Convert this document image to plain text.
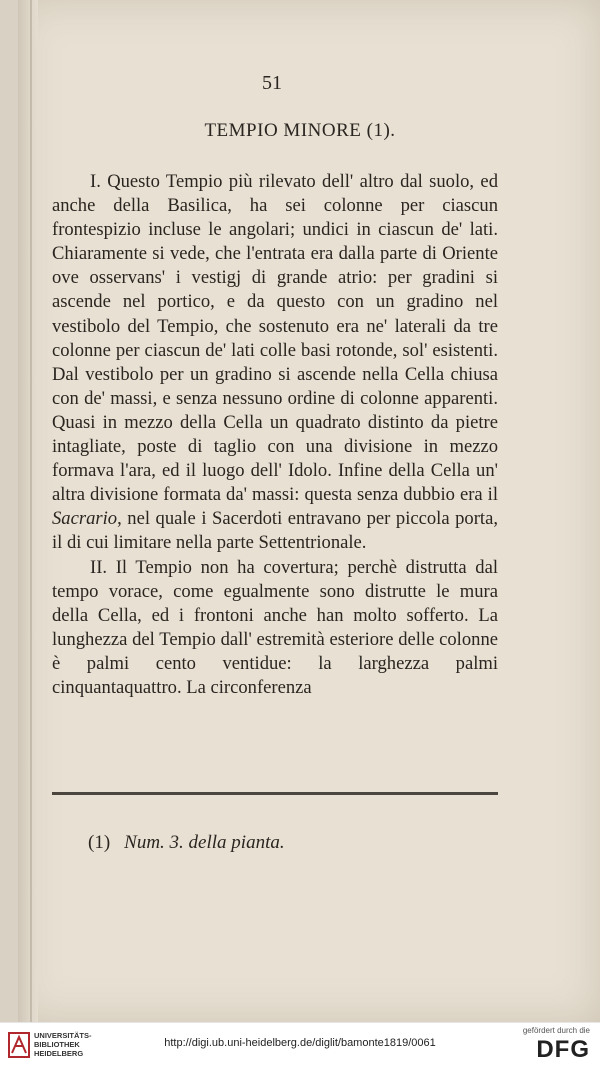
51
TEMPIO MINORE (1).

I. Questo Tempio più rilevato dell' altro dal suolo, ed anche della Basilica, ha sei colonne per ciascun frontespizio incluse le angolari; undici in ciascun de' lati. Chiaramente si vede, che l'entrata era dalla parte di Oriente ove osservans' i vestigj di grande atrio: per gradini si ascende nel portico, e da questo con un gradino nel vestibolo del Tempio, che sostenuto era ne' laterali da tre colonne per ciascun de' lati colle basi rotonde, sol' esistenti. Dal vestibolo per un gradino si ascende nella Cella chiusa con de' massi, e senza nessuno ordine di colonne apparenti. Quasi in mezzo della Cella un quadrato distinto da pietre intagliate, poste di taglio con una divisione in mezzo formava l'ara, ed il luogo dell' Idolo. Infine della Cella un' altra divisione formata da' massi: questa senza dubbio era il Sacrario, nel quale i Sacerdoti entravano per piccola porta, il di cui limitare nella parte Settentrionale.

II. Il Tempio non ha covertura; perchè distrutta dal tempo vorace, come egualmente sono distrutte le mura della Cella, ed i frontoni anche han molto sofferto. La lunghezza del Tempio dall' estremità esteriore delle colonne è palmi cento ventidue: la larghezza palmi cinquantaquattro. La circonferenza

(1) Num. 3. della pianta.
UNIVERSITÄTS-
BIBLIOTHEK
HEIDELBERG
http://digi.ub.uni-heidelberg.de/diglit/bamonte1819/0061
gefördert durch die
DFG
